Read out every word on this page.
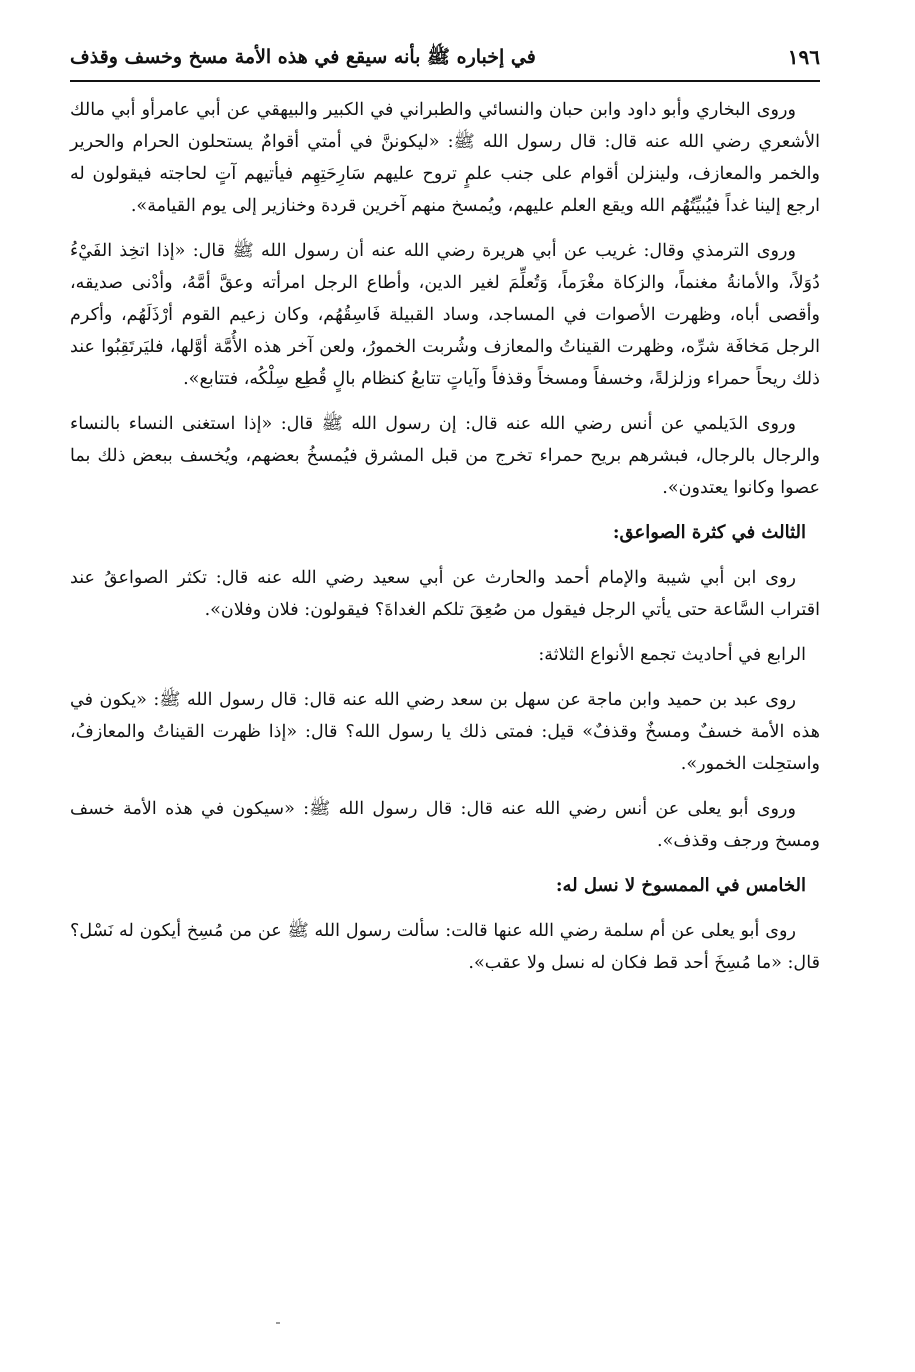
١٩٦
في إخباره ﷺ بأنه سيقع في هذه الأمة مسخ وخسف وقذف

وروى البخاري وأبو داود وابن حبان والنسائي والطبراني في الكبير والبيهقي عن أبي عامرأو أبي مالك الأشعري رضي الله عنه قال: قال رسول الله ﷺ: «ليكوننَّ في أمتي أقوامٌ يستحلون الحرام والحرير والخمر والمعازف، ولينزلن أقوام على جنب علمٍ تروح عليهم سَارِحَتِهِم فيأتيهم آتٍ لحاجته فيقولون له ارجع إلينا غداً فيُبيِّتُهُم الله ويقع العلم عليهم، ويُمسخ منهم آخرين قردة وخنازير إلى يوم القيامة».

وروى الترمذي وقال: غريب عن أبي هريرة رضي الله عنه أن رسول الله ﷺ قال: «إذا اتخِذ الفَيْءُ دُوَلاً، والأمانةُ مغنماً، والزكاة مغْرَماً، وَتُعلِّمَ لغير الدين، وأطاع الرجل امرأته وعقَّ أمَّهُ، وأدْنى صديقه، وأقصى أباه، وظهرت الأصوات في المساجد، وساد القبيلة فَاسِقُهُم، وكان زعيم القوم أرْذَلَهُم، وأكرم الرجل مَخافَة شرِّه، وظهرت القيناتُ والمعازف وشُربت الخمورُ، ولعن آخر هذه الأُمَّة أوَّلها، فليَرتَقِبُوا عند ذلك ريحاً حمراء وزلزلةً، وخسفاً ومسخاً وقذفاً وآياتٍ تتابعُ كنظام بالٍ قُطِع سِلْكُه، فتتابع».

وروى الدَيلمي عن أنس رضي الله عنه قال: إن رسول الله ﷺ قال: «إذا استغنى النساء بالنساء والرجال بالرجال، فبشرهم بريح حمراء تخرج من قبل المشرق فيُمسخُ بعضهم، ويُخسف ببعض ذلك بما عصوا وكانوا يعتدون».

الثالث في كثرة الصواعق:

روى ابن أبي شيبة والإمام أحمد والحارث عن أبي سعيد رضي الله عنه قال: تكثر الصواعقُ عند اقتراب السَّاعة حتى يأتي الرجل فيقول من صُعِقَ تلكم الغداةَ؟ فيقولون: فلان وفلان».

الرابع في أحاديث تجمع الأنواع الثلاثة:

روى عبد بن حميد وابن ماجة عن سهل بن سعد رضي الله عنه قال: قال رسول الله ﷺ: «يكون في هذه الأمة خسفٌ ومسخٌ وقذفٌ» قيل: فمتى ذلك يا رسول الله؟ قال: «إذا ظهرت القيناتُ والمعازفُ، واستحِلت الخمور».

وروى أبو يعلى عن أنس رضي الله عنه قال: قال رسول الله ﷺ: «سيكون في هذه الأمة خسف ومسخ ورجف وقذف».

الخامس في الممسوخ لا نسل له:

روى أبو يعلى عن أم سلمة رضي الله عنها قالت: سألت رسول الله ﷺ عن من مُسِخ أيكون له نَسْل؟ قال: «ما مُسِخَ أحد قط فكان له نسل ولا عقب».
